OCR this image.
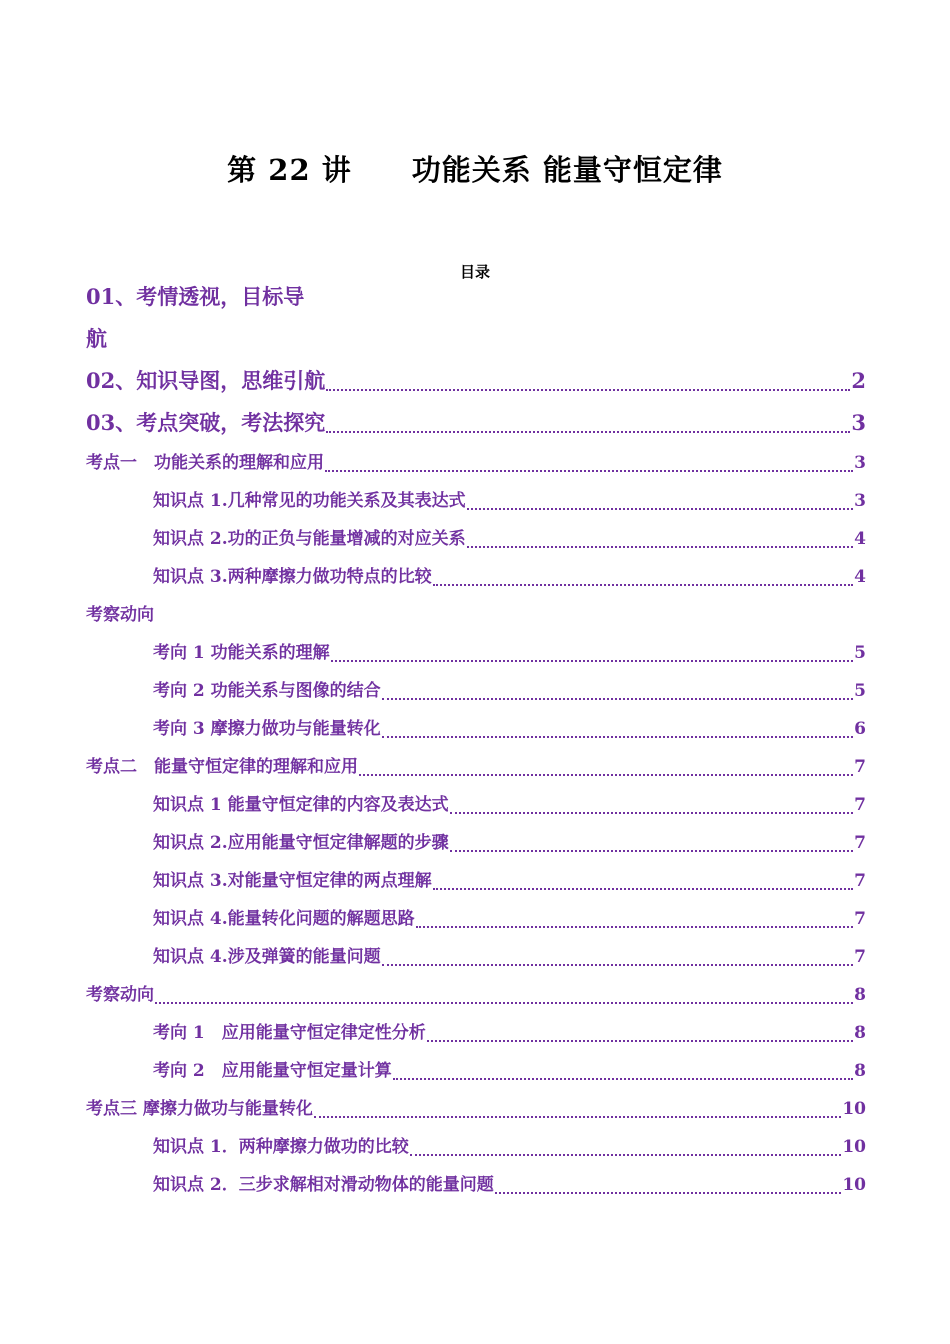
第 22 讲　　功能关系 能量守恒定律
目录
01、考情透视，目标导航
02、知识导图，思维引航	2
03、考点突破，考法探究	3
考点一　功能关系的理解和应用	3
知识点 1.几种常见的功能关系及其表达式	3
知识点 2.功的正负与能量增减的对应关系	4
知识点 3.两种摩擦力做功特点的比较	4
考察动向
考向 1 功能关系的理解	5
考向 2 功能关系与图像的结合	5
考向 3 摩擦力做功与能量转化	6
考点二　能量守恒定律的理解和应用	7
知识点 1 能量守恒定律的内容及表达式	7
知识点 2.应用能量守恒定律解题的步骤	7
知识点 3.对能量守恒定律的两点理解	7
知识点 4.能量转化问题的解题思路	7
知识点 4.涉及弹簧的能量问题	7
考察动向	8
考向 1　应用能量守恒定律定性分析	8
考向 2　应用能量守恒定量计算	8
考点三 摩擦力做功与能量转化	10
知识点 1．两种摩擦力做功的比较	10
知识点 2．三步求解相对滑动物体的能量问题	10
